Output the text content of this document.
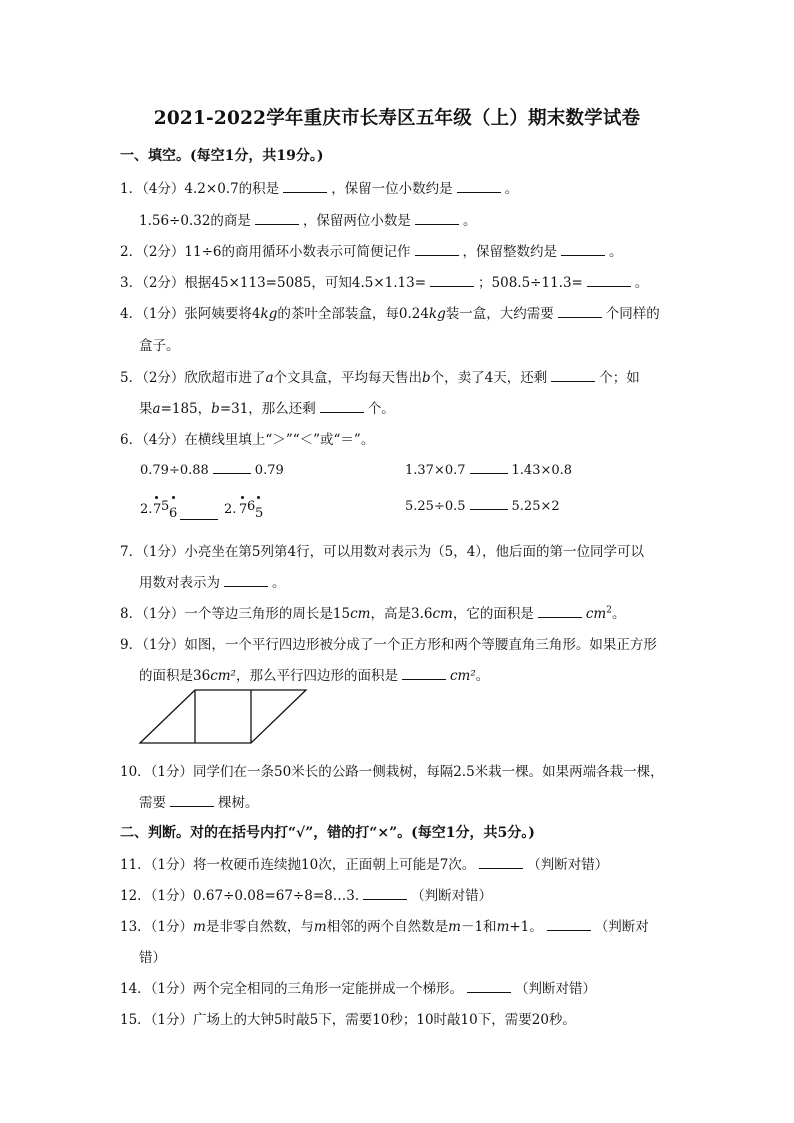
2021-2022学年重庆市长寿区五年级（上）期末数学试卷
一、填空。(每空1分，共19分。)
1．（4分）4.2×0.7的积是	，保留一位小数约是	。
1.56÷0.32的商是	，保留两位小数是	。
2．（2分）11÷6的商用循环小数表示可简便记作	，保留整数约是	。
3．（2分）根据45×113=5085，可知4.5×1.13=	；508.5÷11.3=	。
4．（1分）张阿姨要将4kg的茶叶全部装盒，每0.24kg装一盒，大约需要	个同样的
盒子。
5．（2分）欣欣超市进了a个文具盒，平均每天售出b个，卖了4天，还剩	个；如
果a=185，b=31，那么还剩	个。
6．（4分）在横线里填上“＞”“＜”或“＝”。
0.79÷0.88	0.79	1.37×0.7	1.43×0.8
2. 7 5 6	2. 7 6 5	5.25÷0.5	5.25×2
7．（1分）小亮坐在第5列第4行，可以用数对表示为（5，4），他后面的第一位同学可以
用数对表示为	。
8．（1分）一个等边三角形的周长是15cm，高是3.6cm，它的面积是	$cm^2$。
9．（1分）如图，一个平行四边形被分成了一个正方形和两个等腰直角三角形。如果正方形
的面积是36cm²，那么平行四边形的面积是	cm²。
10．（1分）同学们在一条50米长的公路一侧栽树，每隔2.5米栽一棵。如果两端各栽一棵，
需要	棵树。
二、判断。对的在括号内打“√”，错的打“×”。(每空1分，共5分。)
11．（1分）将一枚硬币连续抛10次，正面朝上可能是7次。	（判断对错）
12．（1分）0.67÷0.08=67÷8=8…3.	（判断对错）
13．（1分）m是非零自然数，与m相邻的两个自然数是m－1和m+1。	（判断对
错）
14．（1分）两个完全相同的三角形一定能拼成一个梯形。	（判断对错）
15．（1分）广场上的大钟5时敲5下，需要10秒；10时敲10下，需要20秒。
